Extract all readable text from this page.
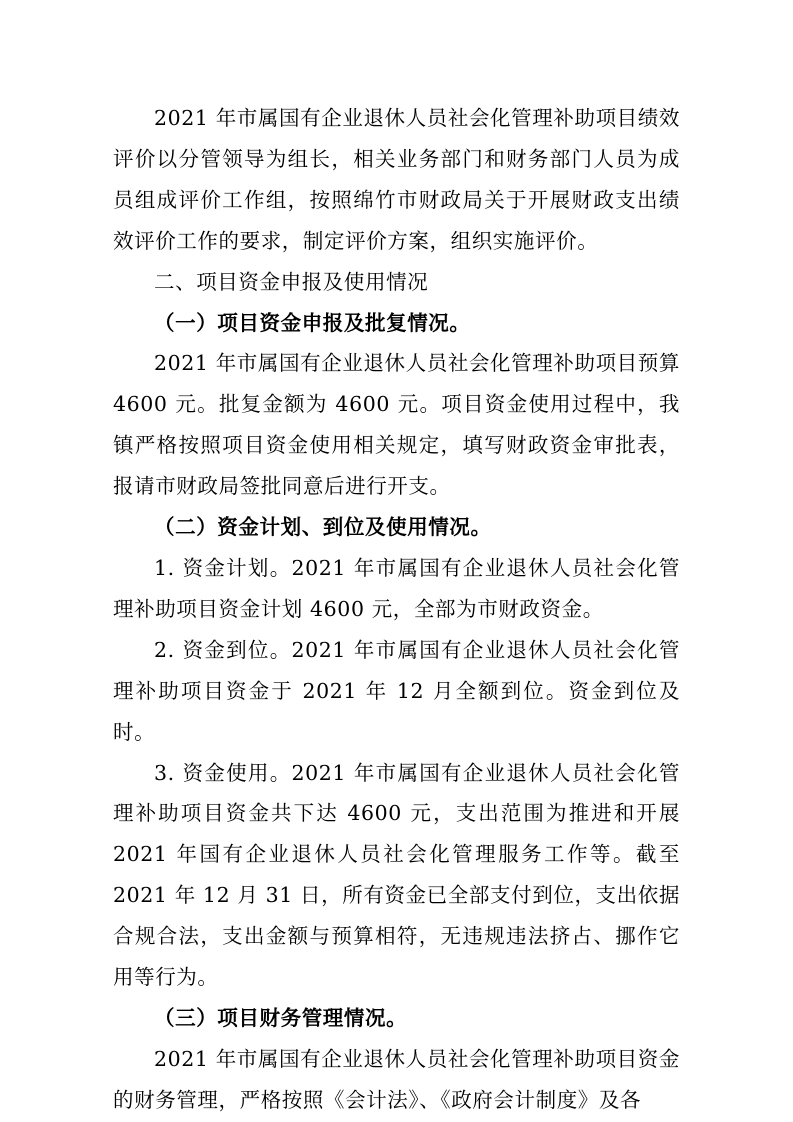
2021 年市属国有企业退休人员社会化管理补助项目绩效评价以分管领导为组长，相关业务部门和财务部门人员为成员组成评价工作组，按照绵竹市财政局关于开展财政支出绩效评价工作的要求，制定评价方案，组织实施评价。

二、项目资金申报及使用情况

（一）项目资金申报及批复情况。

2021 年市属国有企业退休人员社会化管理补助项目预算 4600 元。批复金额为 4600 元。项目资金使用过程中，我镇严格按照项目资金使用相关规定，填写财政资金审批表，报请市财政局签批同意后进行开支。

（二）资金计划、到位及使用情况。

1. 资金计划。2021 年市属国有企业退休人员社会化管理补助项目资金计划 4600 元，全部为市财政资金。

2. 资金到位。2021 年市属国有企业退休人员社会化管理补助项目资金于 2021 年 12 月全额到位。资金到位及时。

3. 资金使用。2021 年市属国有企业退休人员社会化管理补助项目资金共下达 4600 元，支出范围为推进和开展 2021 年国有企业退休人员社会化管理服务工作等。截至 2021 年 12 月 31 日，所有资金已全部支付到位，支出依据合规合法，支出金额与预算相符，无违规违法挤占、挪作它用等行为。

（三）项目财务管理情况。

2021 年市属国有企业退休人员社会化管理补助项目资金的财务管理，严格按照《会计法》、《政府会计制度》及各
